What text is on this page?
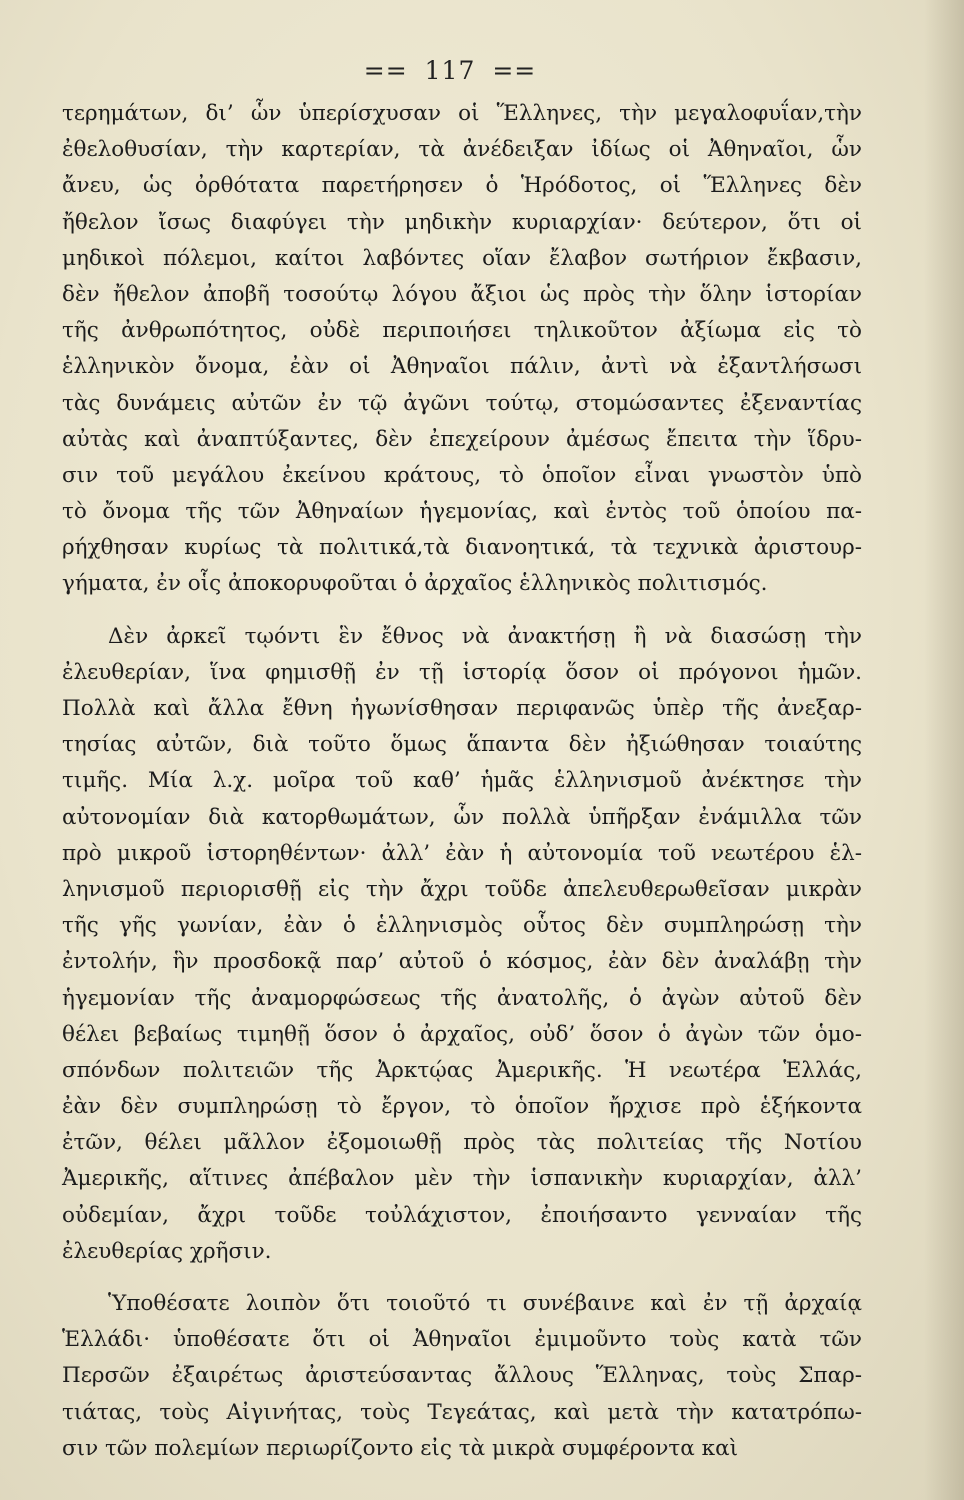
== 117 ==
τερημάτων, δι’ ὧν ὑπερίσχυσαν οἱ Ἕλληνες, τὴν μεγαλοφυΐαν,τὴν
ἐθελοθυσίαν, τὴν καρτερίαν, τὰ ἀνέδειξαν ἰδίως οἱ Ἀθηναῖοι, ὧν
ἄνευ, ὡς ὀρθότατα παρετήρησεν ὁ Ἡρόδοτος, οἱ Ἕλληνες δὲν
ἤθελον ἴσως διαφύγει τὴν μηδικὴν κυριαρχίαν· δεύτερον, ὅτι οἱ
μηδικοὶ πόλεμοι, καίτοι λαβόντες οἵαν ἔλαβον σωτήριον ἔκβασιν,
δὲν ἤθελον ἀποβῆ τοσούτῳ λόγου ἄξιοι ὡς πρὸς τὴν ὅλην ἱστορίαν
τῆς ἀνθρωπότητος, οὐδὲ περιποιήσει τηλικοῦτον ἀξίωμα εἰς τὸ
ἑλληνικὸν ὄνομα, ἐὰν οἱ Ἀθηναῖοι πάλιν, ἀντὶ νὰ ἐξαντλήσωσι
τὰς δυνάμεις αὐτῶν ἐν τῷ ἀγῶνι τούτῳ, στομώσαντες ἐξεναντίας
αὐτὰς καὶ ἀναπτύξαντες, δὲν ἐπεχείρουν ἀμέσως ἔπειτα τὴν ἵδρυ-
σιν τοῦ μεγάλου ἐκείνου κράτους, τὸ ὁποῖον εἶναι γνωστὸν ὑπὸ
τὸ ὄνομα τῆς τῶν Ἀθηναίων ἡγεμονίας, καὶ ἐντὸς τοῦ ὁποίου πα-
ρήχθησαν κυρίως τὰ πολιτικά,τὰ διανοητικά, τὰ τεχνικὰ ἀριστουρ-
γήματα, ἐν οἷς ἀποκορυφοῦται ὁ ἀρχαῖος ἑλληνικὸς πολιτισμός.
Δὲν ἀρκεῖ τῳόντι ἓν ἔθνος νὰ ἀνακτήσῃ ἢ νὰ διασώσῃ τὴν
ἐλευθερίαν, ἵνα φημισθῇ ἐν τῇ ἱστορίᾳ ὅσον οἱ πρόγονοι ἡμῶν.
Πολλὰ καὶ ἄλλα ἔθνη ἠγωνίσθησαν περιφανῶς ὑπὲρ τῆς ἀνεξαρ-
τησίας αὐτῶν, διὰ τοῦτο ὅμως ἅπαντα δὲν ἠξιώθησαν τοιαύτης
τιμῆς. Μία λ.χ. μοῖρα τοῦ καθ’ ἡμᾶς ἑλληνισμοῦ ἀνέκτησε τὴν
αὐτονομίαν διὰ κατορθωμάτων, ὧν πολλὰ ὑπῆρξαν ἐνάμιλλα τῶν
πρὸ μικροῦ ἱστορηθέντων· ἀλλ’ ἐὰν ἡ αὐτονομία τοῦ νεωτέρου ἑλ-
ληνισμοῦ περιορισθῇ εἰς τὴν ἄχρι τοῦδε ἀπελευθερωθεῖσαν μικρὰν
τῆς γῆς γωνίαν, ἐὰν ὁ ἑλληνισμὸς οὗτος δὲν συμπληρώσῃ τὴν
ἐντολήν, ἣν προσδοκᾷ παρ’ αὐτοῦ ὁ κόσμος, ἐὰν δὲν ἀναλάβῃ τὴν
ἡγεμονίαν τῆς ἀναμορφώσεως τῆς ἀνατολῆς, ὁ ἀγὼν αὐτοῦ δὲν
θέλει βεβαίως τιμηθῇ ὅσον ὁ ἀρχαῖος, οὐδ’ ὅσον ὁ ἀγὼν τῶν ὁμο-
σπόνδων πολιτειῶν τῆς Ἀρκτῴας Ἀμερικῆς. Ἡ νεωτέρα Ἑλλάς,
ἐὰν δὲν συμπληρώσῃ τὸ ἔργον, τὸ ὁποῖον ἤρχισε πρὸ ἑξήκοντα
ἐτῶν, θέλει μᾶλλον ἐξομοιωθῇ πρὸς τὰς πολιτείας τῆς Νοτίου
Ἀμερικῆς, αἵτινες ἀπέβαλον μὲν τὴν ἱσπανικὴν κυριαρχίαν, ἀλλ’
οὐδεμίαν, ἄχρι τοῦδε τοὐλάχιστον, ἐποιήσαντο γενναίαν τῆς
ἐλευθερίας χρῆσιν.
Ὑποθέσατε λοιπὸν ὅτι τοιοῦτό τι συνέβαινε καὶ ἐν τῇ ἀρχαίᾳ
Ἑλλάδι· ὑποθέσατε ὅτι οἱ Ἀθηναῖοι ἐμιμοῦντο τοὺς κατὰ τῶν
Περσῶν ἐξαιρέτως ἀριστεύσαντας ἄλλους Ἕλληνας, τοὺς Σπαρ-
τιάτας, τοὺς Αἰγινήτας, τοὺς Τεγεάτας, καὶ μετὰ τὴν κατατρόπω-
σιν τῶν πολεμίων περιωρίζοντο εἰς τὰ μικρὰ συμφέροντα καὶ
